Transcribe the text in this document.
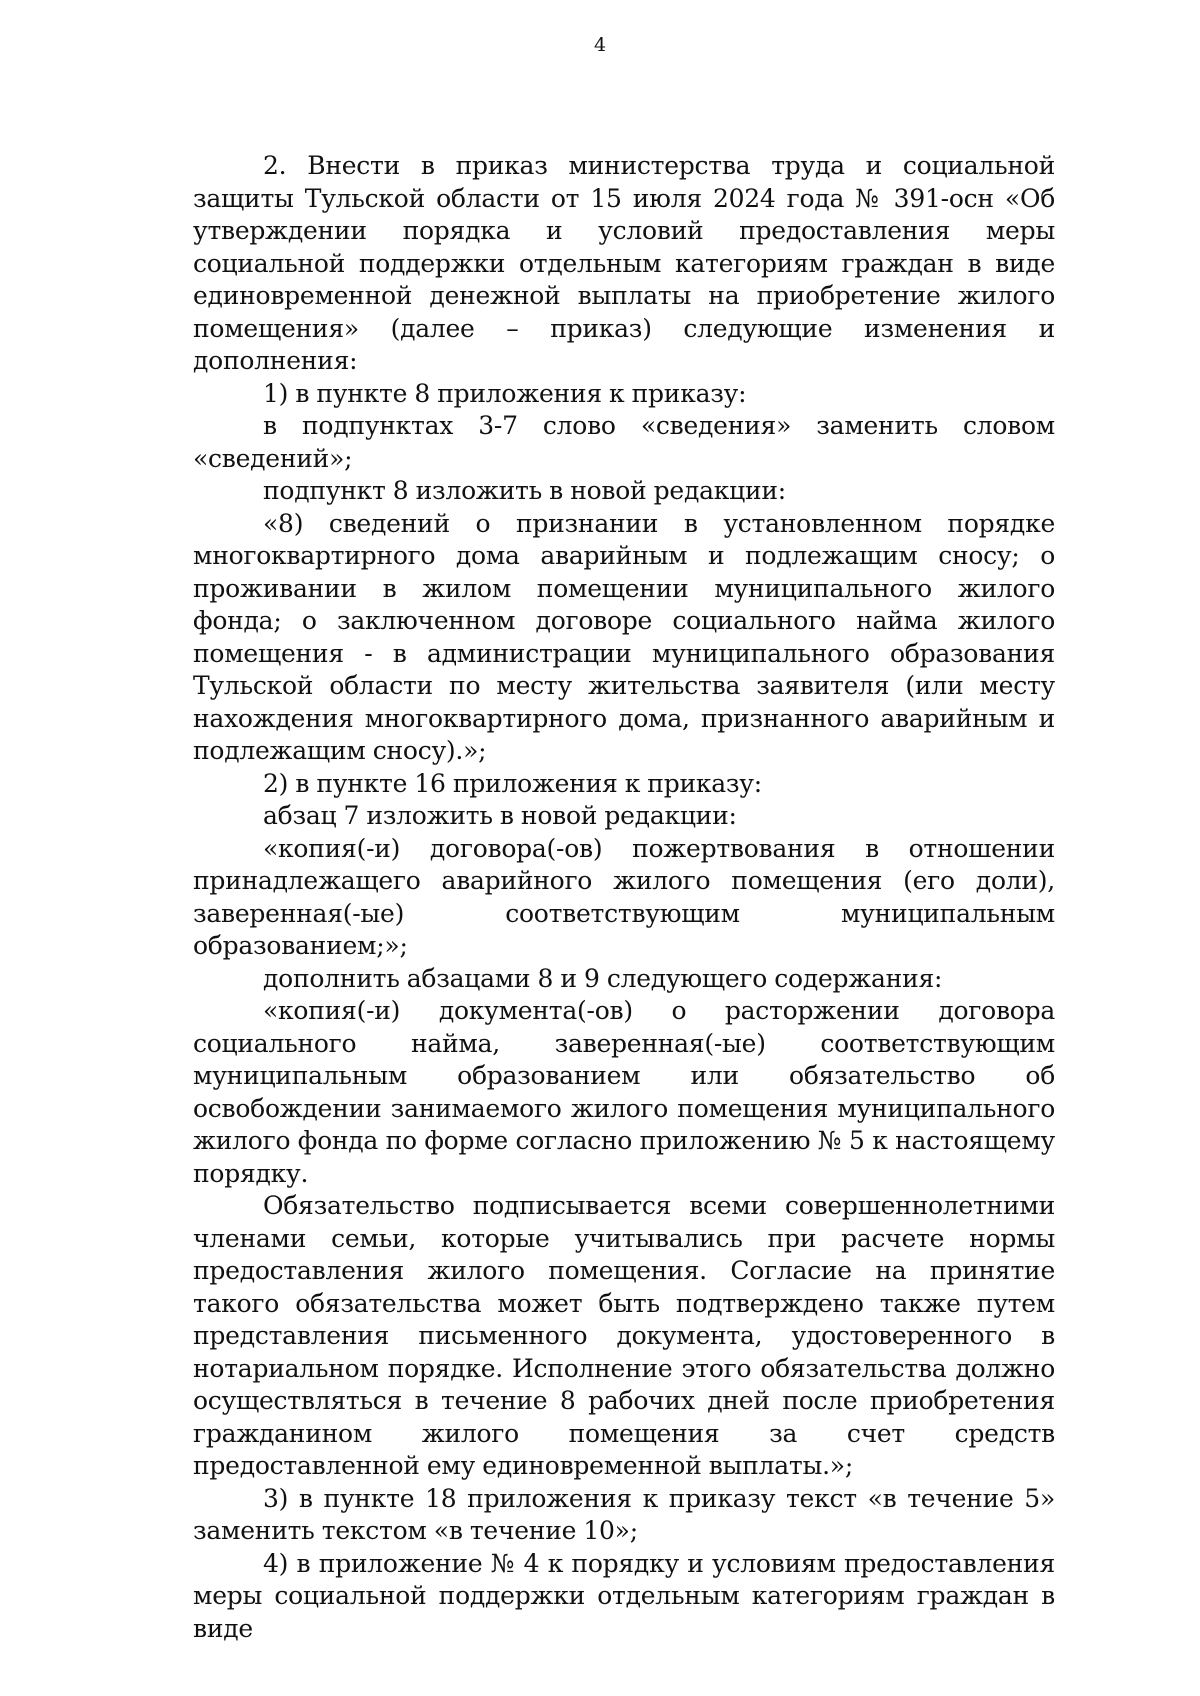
4

2. Внести в приказ министерства труда и социальной защиты Тульской области от 15 июля 2024 года № 391-осн «Об утверждении порядка и условий предоставления меры социальной поддержки отдельным категориям граждан в виде единовременной денежной выплаты на приобретение жилого помещения» (далее – приказ) следующие изменения и дополнения:

1) в пункте 8 приложения к приказу:

в подпунктах 3-7 слово «сведения» заменить словом «сведений»;

подпункт 8 изложить в новой редакции:

«8) сведений о признании в установленном порядке многоквартирного дома аварийным и подлежащим сносу; о проживании в жилом помещении муниципального жилого фонда; о заключенном договоре социального найма жилого помещения - в администрации муниципального образования Тульской области по месту жительства заявителя (или месту нахождения многоквартирного дома, признанного аварийным и подлежащим сносу).»;

2) в пункте 16 приложения к приказу:

абзац 7 изложить в новой редакции:

«копия(-и) договора(-ов) пожертвования в отношении принадлежащего аварийного жилого помещения (его доли), заверенная(-ые) соответствующим муниципальным образованием;»;

дополнить абзацами 8 и 9 следующего содержания:

«копия(-и) документа(-ов) о расторжении договора социального найма, заверенная(-ые) соответствующим муниципальным образованием или обязательство об освобождении занимаемого жилого помещения муниципального жилого фонда по форме согласно приложению № 5 к настоящему порядку.

Обязательство подписывается всеми совершеннолетними членами семьи, которые учитывались при расчете нормы предоставления жилого помещения. Согласие на принятие такого обязательства может быть подтверждено также путем представления письменного документа, удостоверенного в нотариальном порядке. Исполнение этого обязательства должно осуществляться в течение 8 рабочих дней после приобретения гражданином жилого помещения за счет средств предоставленной ему единовременной выплаты.»;

3) в пункте 18 приложения к приказу текст «в течение 5» заменить текстом «в течение 10»;

4) в приложение № 4 к порядку и условиям предоставления меры социальной поддержки отдельным категориям граждан в виде
